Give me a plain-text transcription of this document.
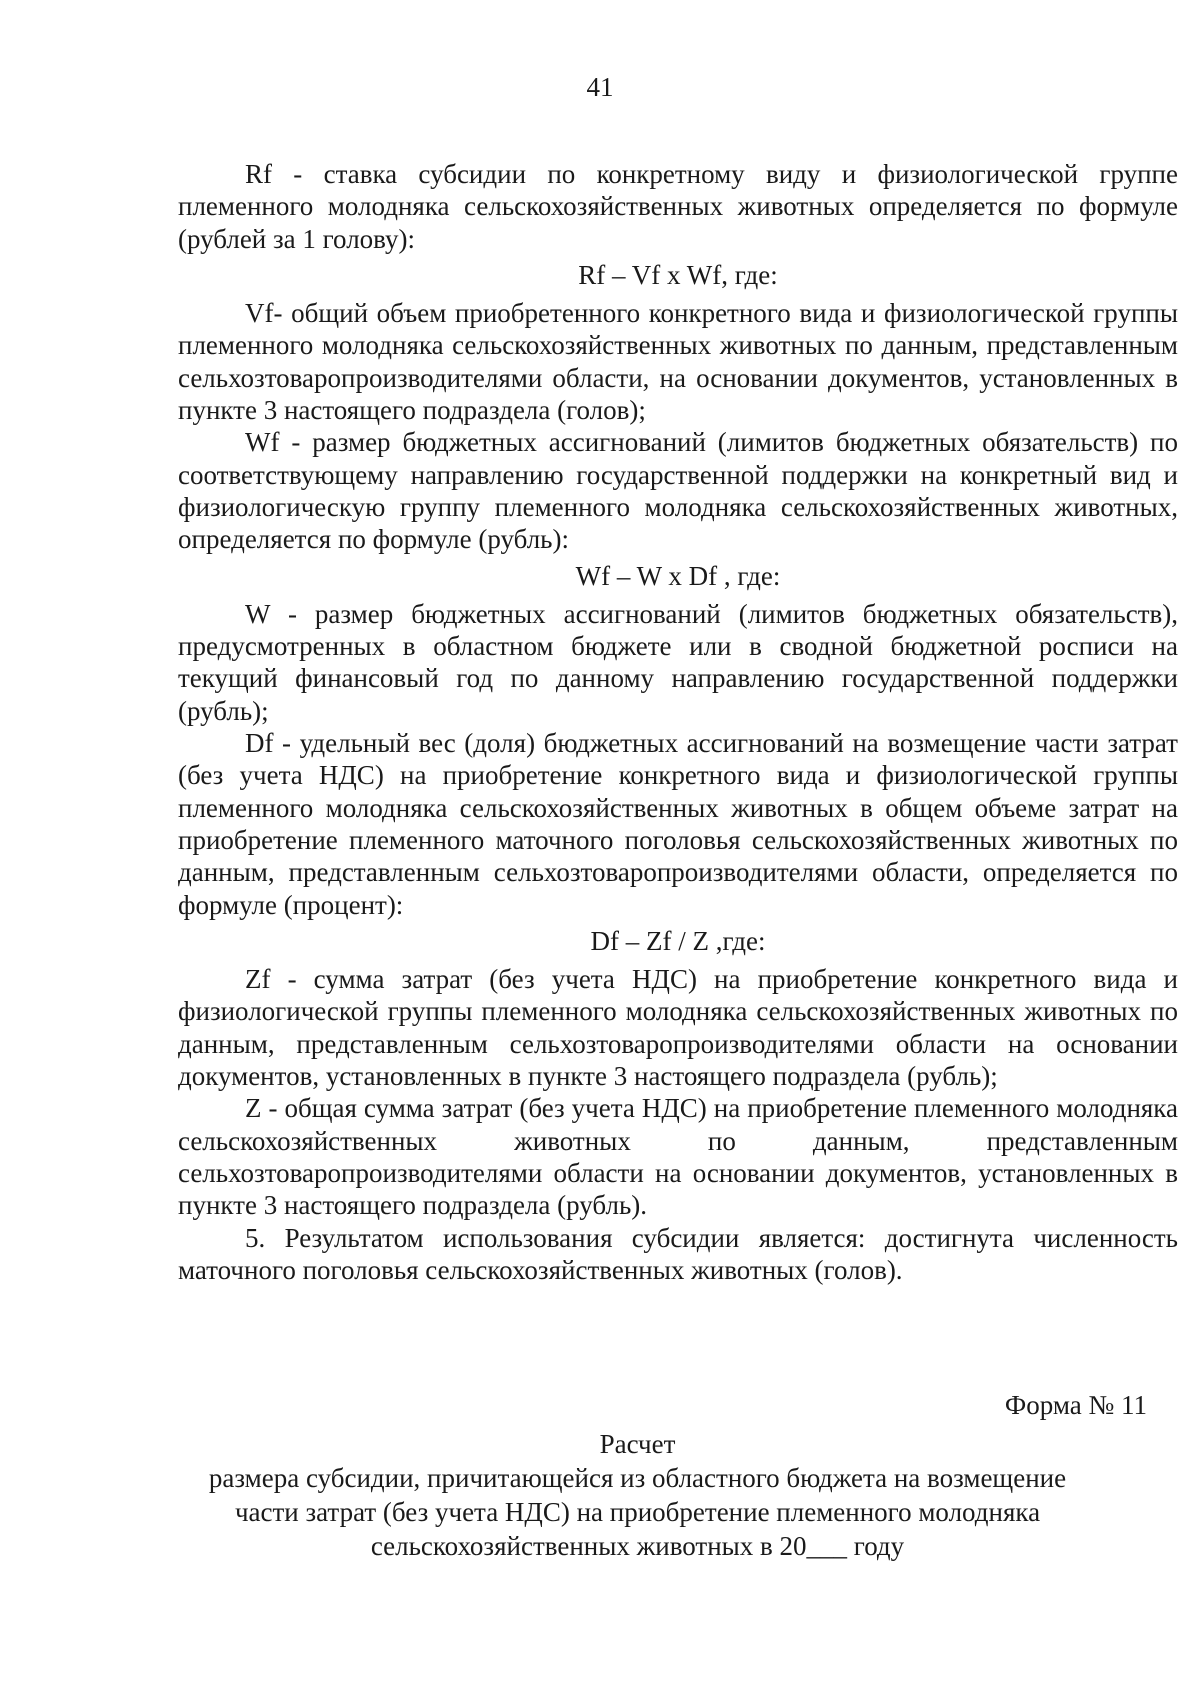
41

Rf - ставка субсидии по конкретному виду и физиологической группе племенного молодняка сельскохозяйственных животных определяется по формуле (рублей за 1 голову):

Rf – Vf x Wf, где:

Vf- общий объем приобретенного конкретного вида и физиологической группы племенного молодняка сельскохозяйственных животных по данным, представленным сельхозтоваропроизводителями области, на основании документов, установленных в пункте 3 настоящего подраздела (голов);

Wf - размер бюджетных ассигнований (лимитов бюджетных обязательств) по соответствующему направлению государственной поддержки на конкретный вид и физиологическую группу племенного молодняка сельскохозяйственных животных, определяется по формуле (рубль):

Wf – W x Df , где:

W - размер бюджетных ассигнований (лимитов бюджетных обязательств), предусмотренных в областном бюджете или в сводной бюджетной росписи на текущий финансовый год по данному направлению государственной поддержки (рубль);

Df - удельный вес (доля) бюджетных ассигнований на возмещение части затрат (без учета НДС) на приобретение конкретного вида и физиологической группы племенного молодняка сельскохозяйственных животных в общем объеме затрат на приобретение племенного маточного поголовья сельскохозяйственных животных по данным, представленным сельхозтоваропроизводителями области, определяется по формуле (процент):

Df – Zf / Z ,где:

Zf - сумма затрат (без учета НДС) на приобретение конкретного вида и физиологической группы племенного молодняка сельскохозяйственных животных по данным, представленным сельхозтоваропроизводителями области на основании документов, установленных в пункте 3 настоящего подраздела (рубль);

Z - общая сумма затрат (без учета НДС) на приобретение племенного молодняка сельскохозяйственных животных по данным, представленным сельхозтоваропроизводителями области на основании документов, установленных в пункте 3 настоящего подраздела (рубль).

5. Результатом использования субсидии является: достигнута численность маточного поголовья сельскохозяйственных животных (голов).

Форма № 11
Расчет
размера субсидии, причитающейся из областного бюджета на возмещение
части затрат (без учета НДС) на приобретение племенного молодняка
сельскохозяйственных животных в 20___ году
